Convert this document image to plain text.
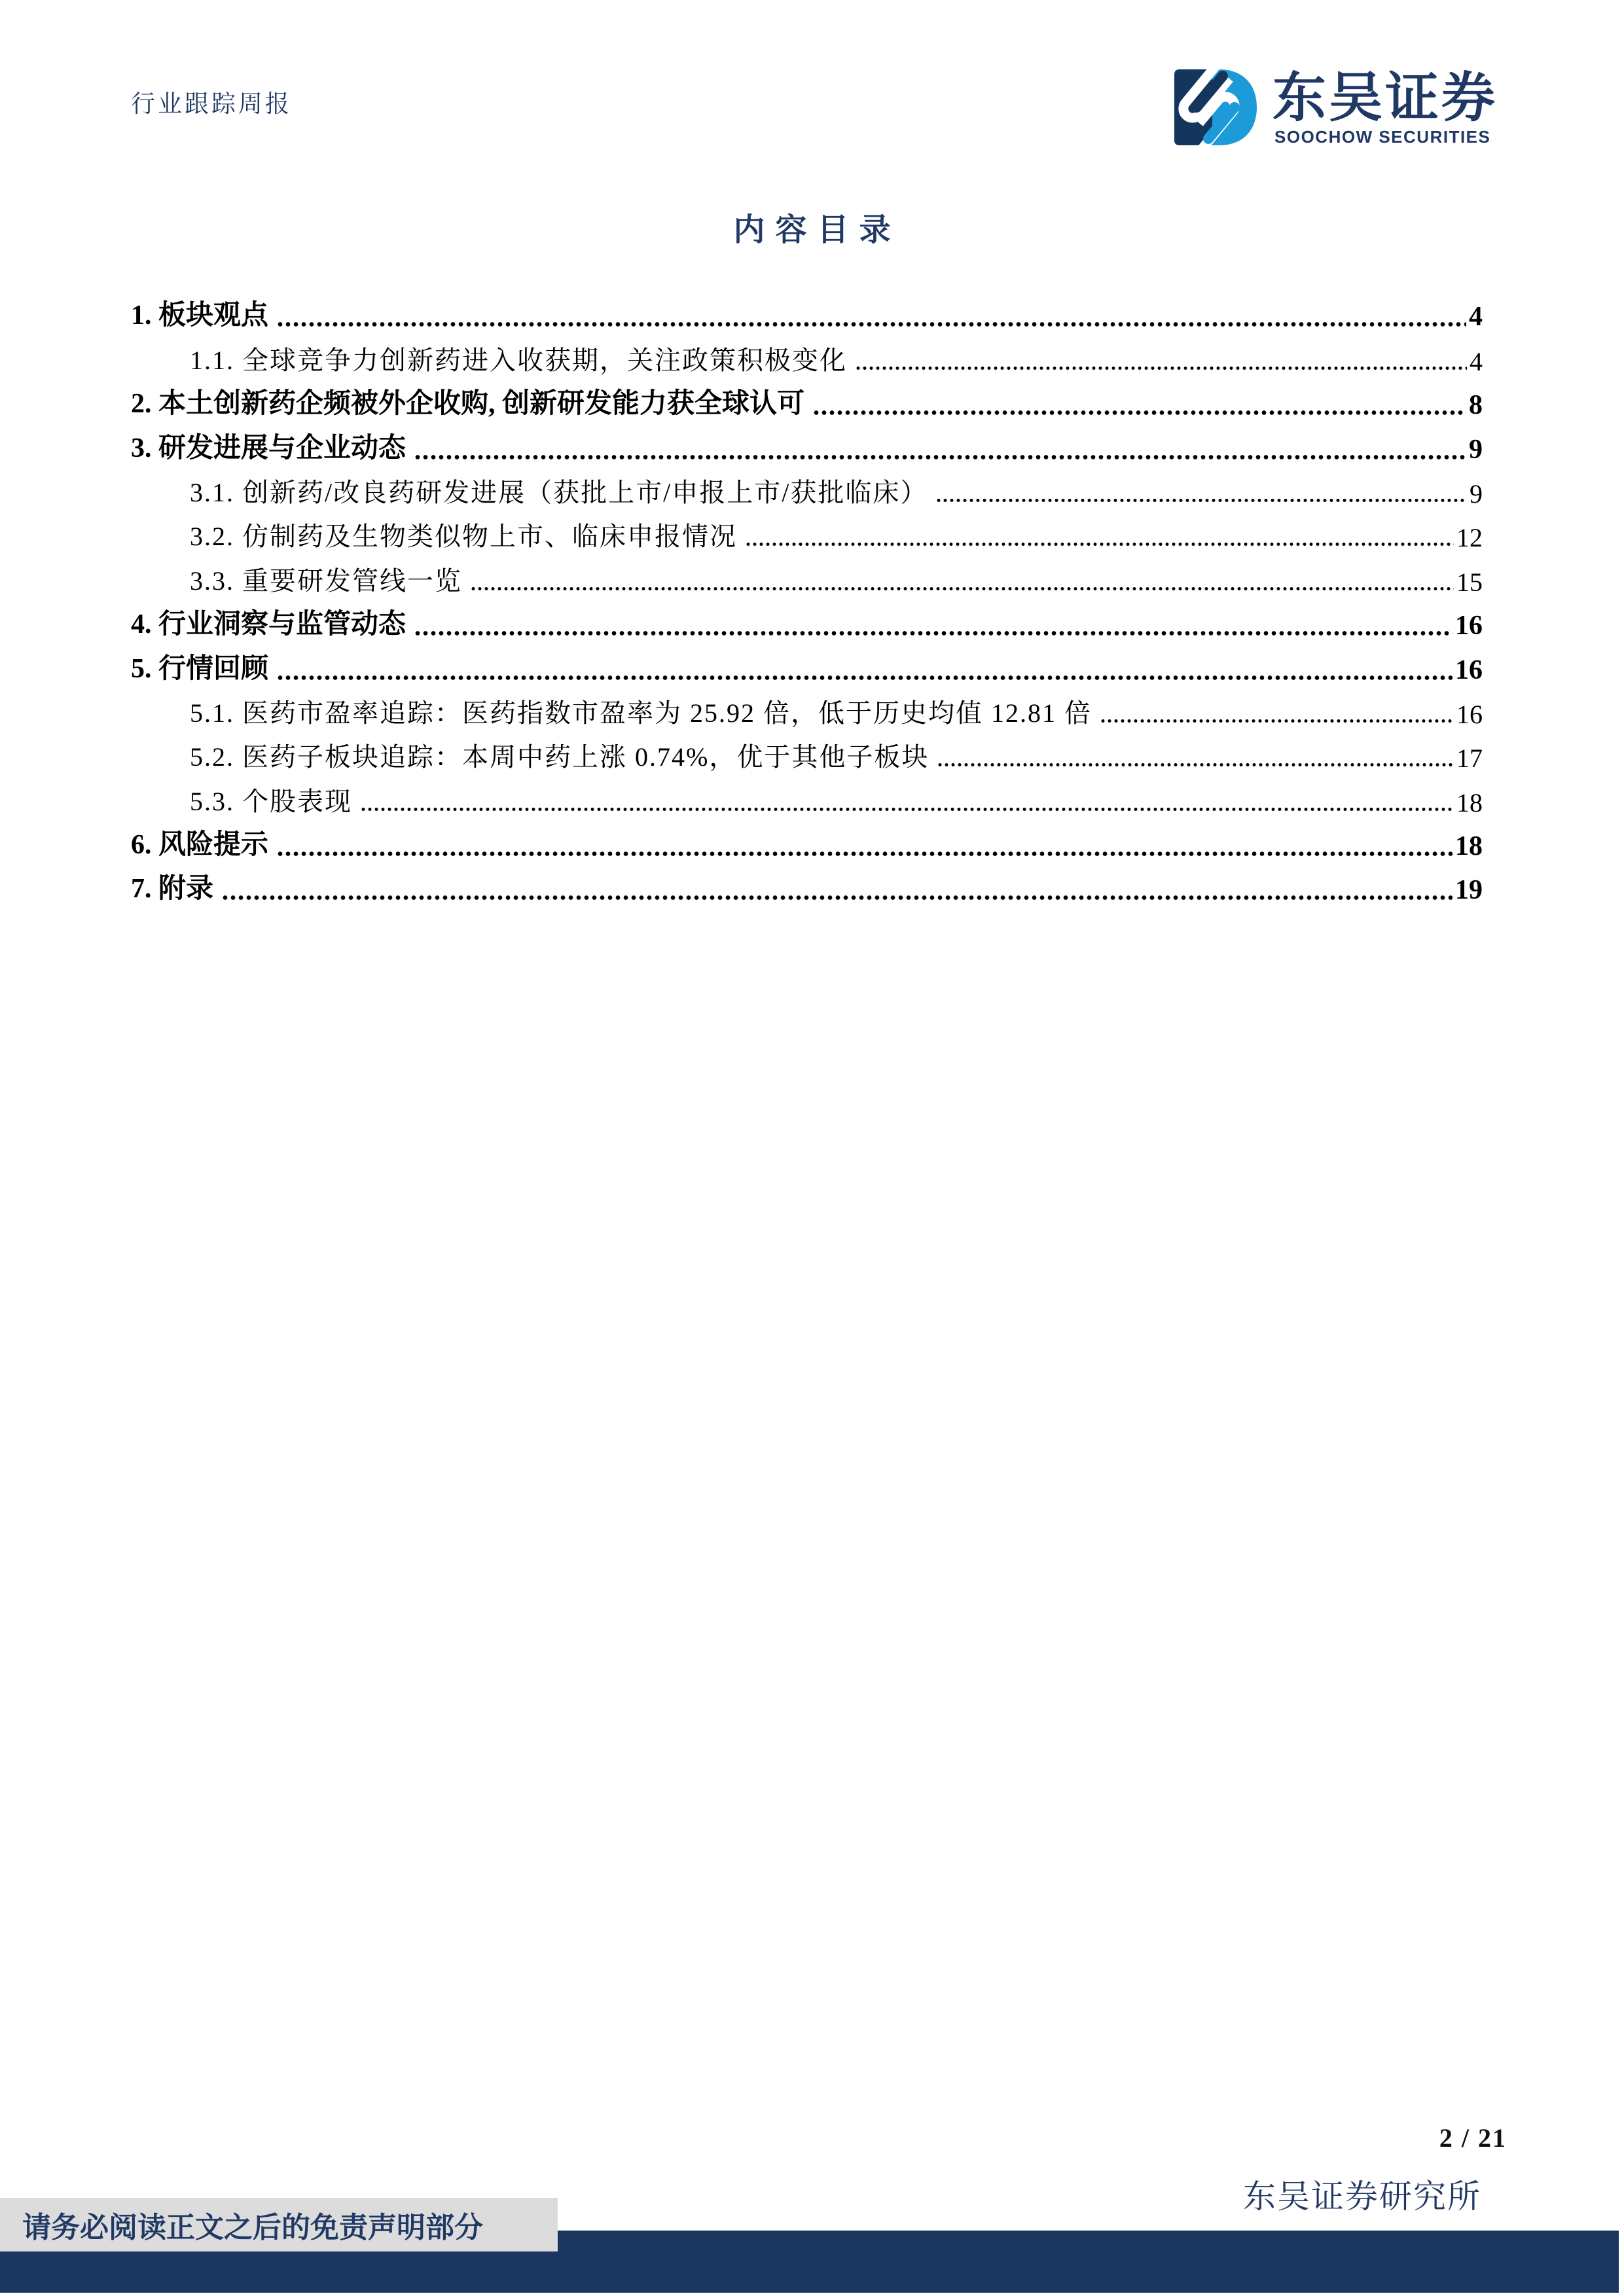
行业跟踪周报	东吴证券
SOOCHOW SECURITIES
内容目录
1. 板块观点	4
1.1. 全球竞争力创新药进入收获期，关注政策积极变化	4
2. 本土创新药企频被外企收购, 创新研发能力获全球认可	8
3. 研发进展与企业动态	9
3.1. 创新药/改良药研发进展（获批上市/申报上市/获批临床）	9
3.2. 仿制药及生物类似物上市、临床申报情况	12
3.3. 重要研发管线一览	15
4. 行业洞察与监管动态	16
5. 行情回顾	16
5.1. 医药市盈率追踪：医药指数市盈率为 25.92 倍，低于历史均值 12.81 倍	16
5.2. 医药子板块追踪：本周中药上涨 0.74%，优于其他子板块	17
5.3. 个股表现	18
6. 风险提示	18
7. 附录	19
2 / 21
东吴证券研究所
请务必阅读正文之后的免责声明部分
